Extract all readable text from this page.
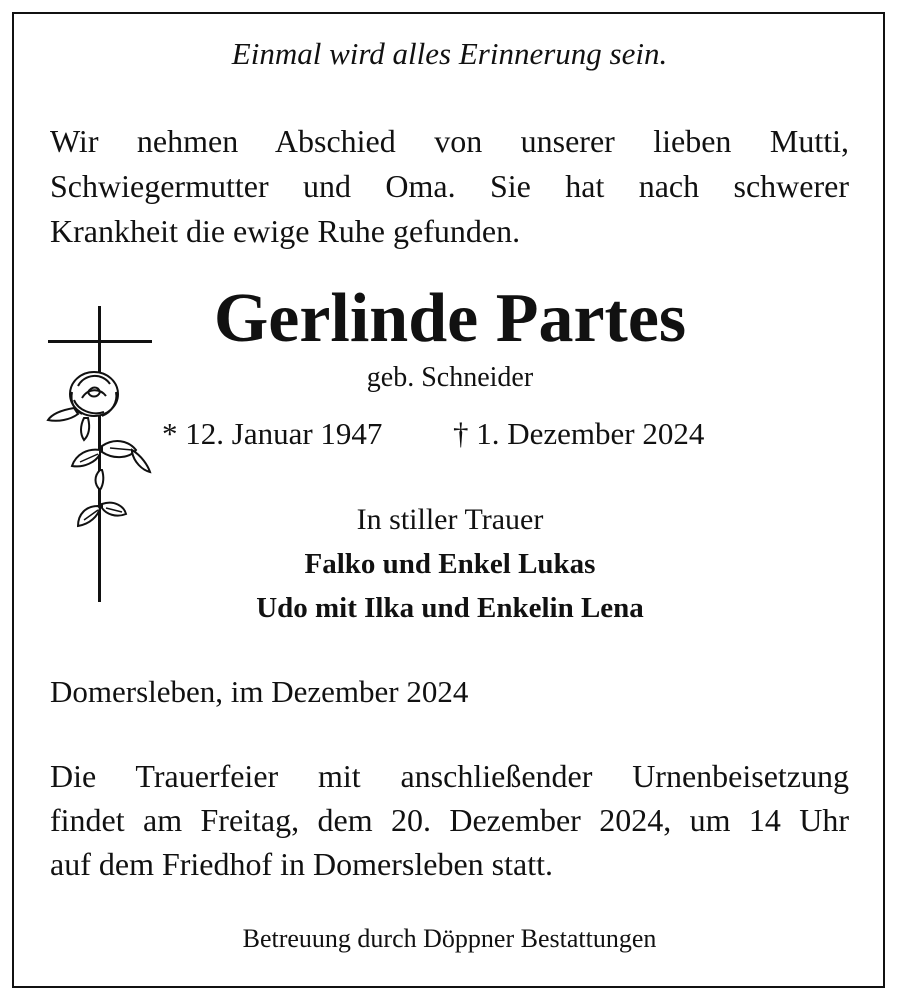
Einmal wird alles Erinnerung sein.
Wir nehmen Abschied von unserer lieben Mutti,
Schwiegermutter und Oma. Sie hat nach schwerer
Krankheit die ewige Ruhe gefunden.
Gerlinde Partes
geb. Schneider
* 12. Januar 1947 † 1. Dezember 2024
In stiller Trauer
Falko und Enkel Lukas
Udo mit Ilka und Enkelin Lena
Domersleben, im Dezember 2024
Die Trauerfeier mit anschließender Urnenbeisetzung
findet am Freitag, dem 20. Dezember 2024, um 14 Uhr
auf dem Friedhof in Domersleben statt.
Betreuung durch Döppner Bestattungen
